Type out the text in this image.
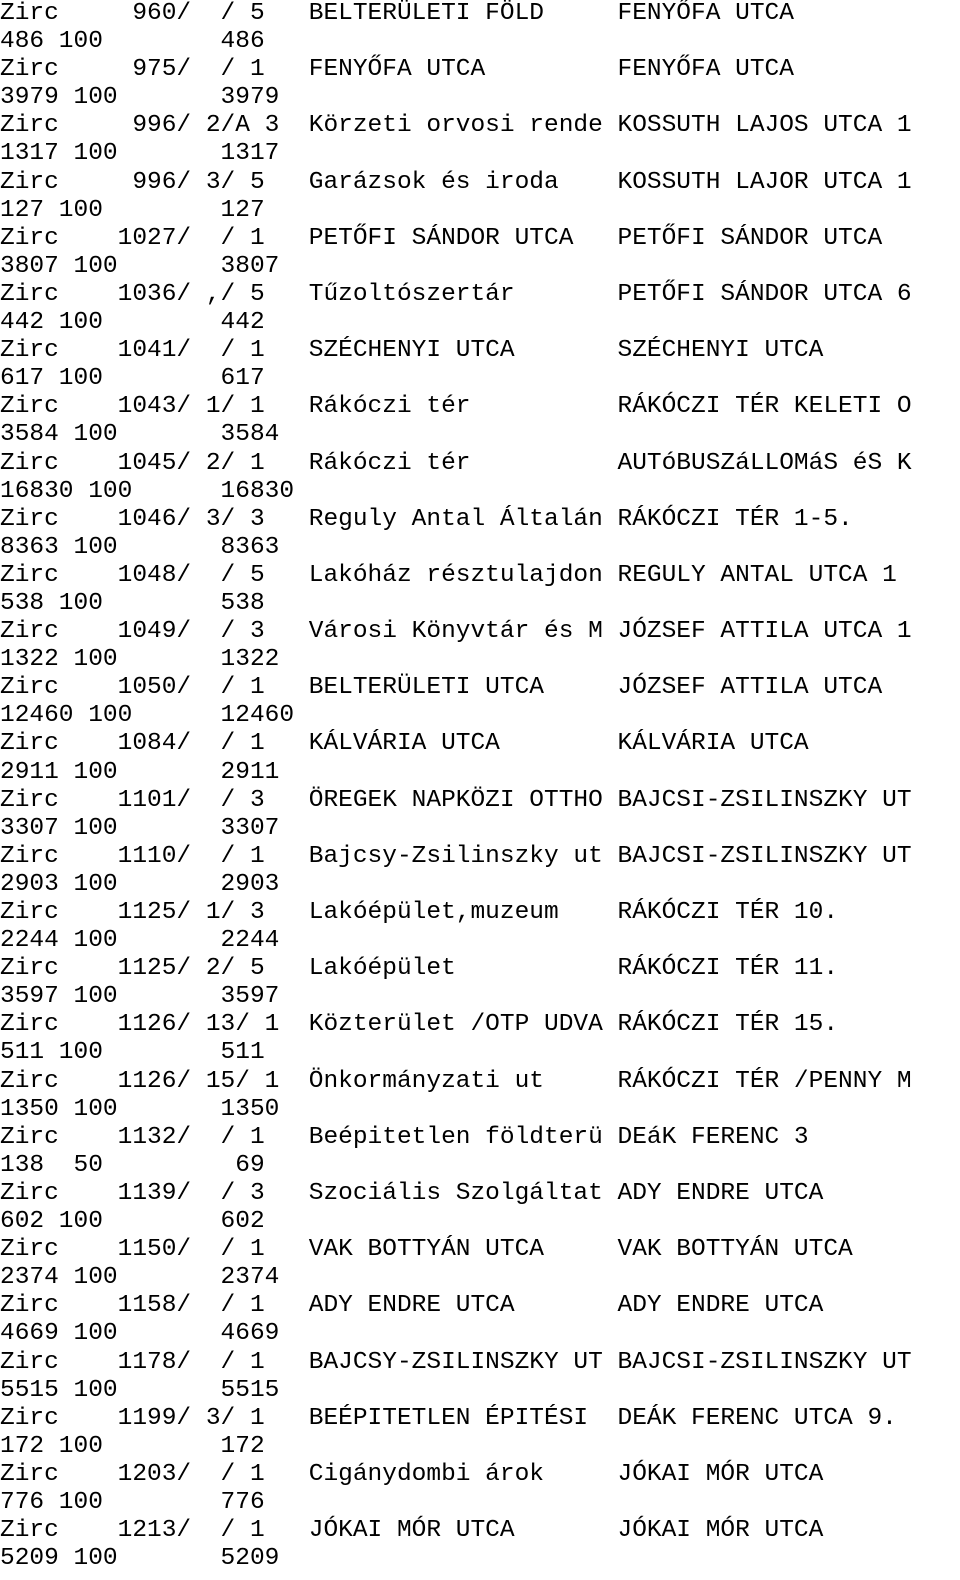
Zirc     960/  / 5   BELTERÜLETI FÖLD     FENYŐFA UTCA
486 100        486
Zirc     975/  / 1   FENYŐFA UTCA         FENYŐFA UTCA
3979 100       3979
Zirc     996/ 2/A 3  Körzeti orvosi rende KOSSUTH LAJOS UTCA 1
1317 100       1317
Zirc     996/ 3/ 5   Garázsok és iroda    KOSSUTH LAJOR UTCA 1
127 100        127
Zirc    1027/  / 1   PETŐFI SÁNDOR UTCA   PETŐFI SÁNDOR UTCA
3807 100       3807
Zirc    1036/ ,/ 5   Tűzoltószertár       PETŐFI SÁNDOR UTCA 6
442 100        442
Zirc    1041/  / 1   SZÉCHENYI UTCA       SZÉCHENYI UTCA
617 100        617
Zirc    1043/ 1/ 1   Rákóczi tér          RÁKÓCZI TÉR KELETI O
3584 100       3584
Zirc    1045/ 2/ 1   Rákóczi tér          AUTóBUSZáLLOMáS éS K
16830 100      16830
Zirc    1046/ 3/ 3   Reguly Antal Általán RÁKÓCZI TÉR 1-5.
8363 100       8363
Zirc    1048/  / 5   Lakóház résztulajdon REGULY ANTAL UTCA 1
538 100        538
Zirc    1049/  / 3   Városi Könyvtár és M JÓZSEF ATTILA UTCA 1
1322 100       1322
Zirc    1050/  / 1   BELTERÜLETI UTCA     JÓZSEF ATTILA UTCA
12460 100      12460
Zirc    1084/  / 1   KÁLVÁRIA UTCA        KÁLVÁRIA UTCA
2911 100       2911
Zirc    1101/  / 3   ÖREGEK NAPKÖZI OTTHO BAJCSI-ZSILINSZKY UT
3307 100       3307
Zirc    1110/  / 1   Bajcsy-Zsilinszky ut BAJCSI-ZSILINSZKY UT
2903 100       2903
Zirc    1125/ 1/ 3   Lakóépület,muzeum    RÁKÓCZI TÉR 10.
2244 100       2244
Zirc    1125/ 2/ 5   Lakóépület           RÁKÓCZI TÉR 11.
3597 100       3597
Zirc    1126/ 13/ 1  Közterület /OTP UDVA RÁKÓCZI TÉR 15.
511 100        511
Zirc    1126/ 15/ 1  Önkormányzati ut     RÁKÓCZI TÉR /PENNY M
1350 100       1350
Zirc    1132/  / 1   Beépitetlen földterü DEáK FERENC 3
138  50         69
Zirc    1139/  / 3   Szociális Szolgáltat ADY ENDRE UTCA
602 100        602
Zirc    1150/  / 1   VAK BOTTYÁN UTCA     VAK BOTTYÁN UTCA
2374 100       2374
Zirc    1158/  / 1   ADY ENDRE UTCA       ADY ENDRE UTCA
4669 100       4669
Zirc    1178/  / 1   BAJCSY-ZSILINSZKY UT BAJCSI-ZSILINSZKY UT
5515 100       5515
Zirc    1199/ 3/ 1   BEÉPITETLEN ÉPITÉSI  DEÁK FERENC UTCA 9.
172 100        172
Zirc    1203/  / 1   Cigánydombi árok     JÓKAI MÓR UTCA
776 100        776
Zirc    1213/  / 1   JÓKAI MÓR UTCA       JÓKAI MÓR UTCA
5209 100       5209
